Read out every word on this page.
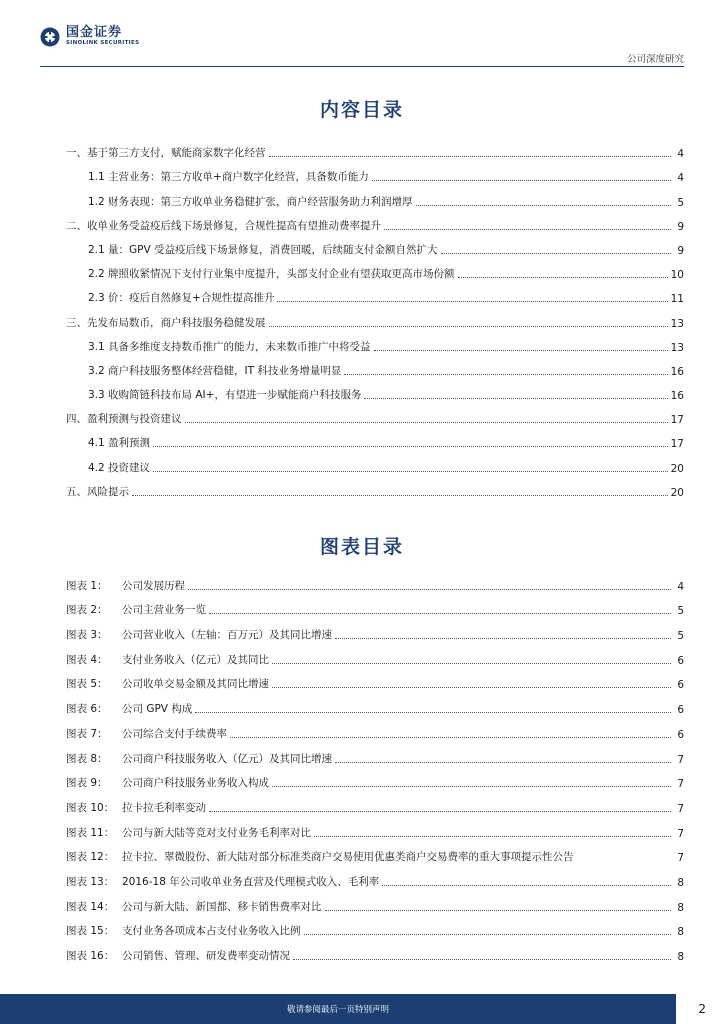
国金证券
SINOLINK SECURITIES
公司深度研究
内容目录
一、基于第三方支付，赋能商家数字化经营	4
1.1 主营业务：第三方收单+商户数字化经营，具备数币能力	4
1.2 财务表现：第三方收单业务稳健扩张，商户经营服务助力利润增厚	5
二、收单业务受益疫后线下场景修复，合规性提高有望推动费率提升	9
2.1 量：GPV 受益疫后线下场景修复，消费回暖，后续随支付金额自然扩大	9
2.2 牌照收紧情况下支付行业集中度提升，头部支付企业有望获取更高市场份额	10
2.3 价：疫后自然修复+合规性提高推升	11
三、先发布局数币，商户科技服务稳健发展	13
3.1 具备多维度支持数币推广的能力，未来数币推广中将受益	13
3.2 商户科技服务整体经营稳健，IT 科技业务增量明显	16
3.3 收购简链科技布局 AI+，有望进一步赋能商户科技服务	16
四、盈利预测与投资建议	17
4.1 盈利预测	17
4.2 投资建议	20
五、风险提示	20
图表目录
图表 1：	公司发展历程	4
图表 2：	公司主营业务一览	5
图表 3：	公司营业收入（左轴：百万元）及其同比增速	5
图表 4：	支付业务收入（亿元）及其同比	6
图表 5：	公司收单交易金额及其同比增速	6
图表 6：	公司 GPV 构成	6
图表 7：	公司综合支付手续费率	6
图表 8：	公司商户科技服务收入（亿元）及其同比增速	7
图表 9：	公司商户科技服务业务收入构成	7
图表 10： 拉卡拉毛利率变动	7
图表 11： 公司与新大陆等竞对支付业务毛利率对比	7
图表 12： 拉卡拉、翠微股份、新大陆对部分标准类商户交易使用优惠类商户交易费率的重大事项提示性公告	7
图表 13： 2016-18 年公司收单业务直营及代理模式收入、毛利率	8
图表 14： 公司与新大陆、新国都、移卡销售费率对比	8
图表 15： 支付业务各项成本占支付业务收入比例	8
图表 16： 公司销售、管理、研发费率变动情况	8
敬请参阅最后一页特别声明	2
